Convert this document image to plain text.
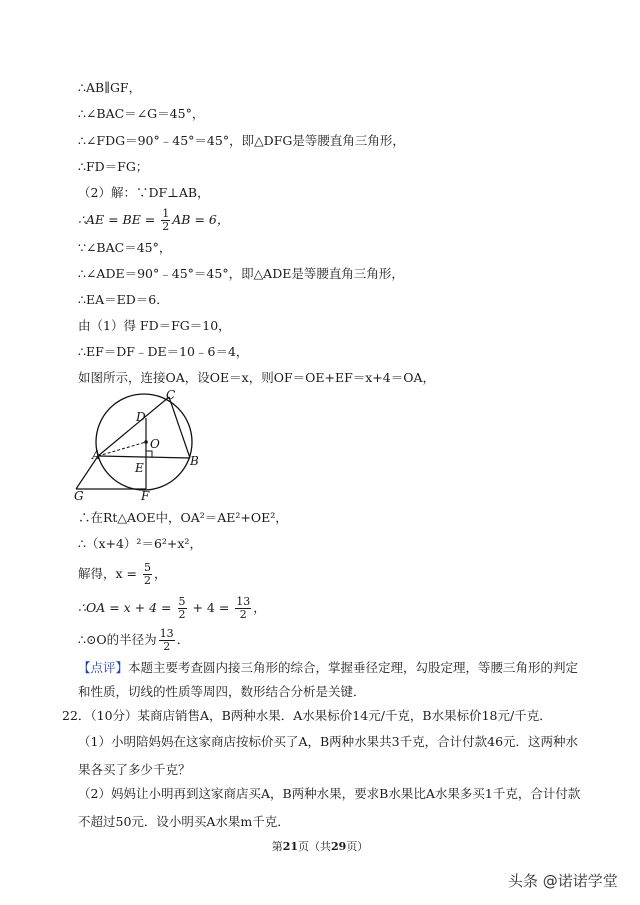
∴AB∥GF，
∴∠BAC＝∠G＝45°，
∴∠FDG＝90°﹣45°＝45°，即△DFG是等腰直角三角形，
∴FD＝FG；
（2）解：∵DF⊥AB，
∴AE = BE = $\frac{1}{2}$ AB = 6，
∵∠BAC＝45°，
∴∠ADE＝90°﹣45°＝45°，即△ADE是等腰直角三角形，
∴EA＝ED＝6．
由（1）得 FD＝FG＝10，
∴EF＝DF﹣DE＝10﹣6＝4，
如图所示，连接OA，设OE＝x，则OF＝OE+EF＝x+4＝OA，
C
D
O
A
E	B
G	F
∴在Rt△AOE中，OA²＝AE²+OE²，
∴（x+4）²＝6²+x²，
解得，$x = \frac{5}{2}$ ，
∴OA = $x + 4 = \frac{5}{2} + 4 = \frac{13}{2}$ ，
∴⊙O的半径为 $\frac{13}{2}$ ．
【点评】本题主要考查圆内接三角形的综合，掌握垂径定理，勾股定理，等腰三角形的判定和性质，切线的性质等周四，数形结合分析是关键．
22．（10分）某商店销售A，B两种水果．A水果标价14元/千克，B水果标价18元/千克．
（1）小明陪妈妈在这家商店按标价买了A，B两种水果共3千克，合计付款46元．这两种水果各买了多少千克？
（2）妈妈让小明再到这家商店买A，B两种水果，要求B水果比A水果多买1千克，合计付款不超过50元．设小明买A水果m千克．
第21页（共29页）
头条 @诺诺学堂
